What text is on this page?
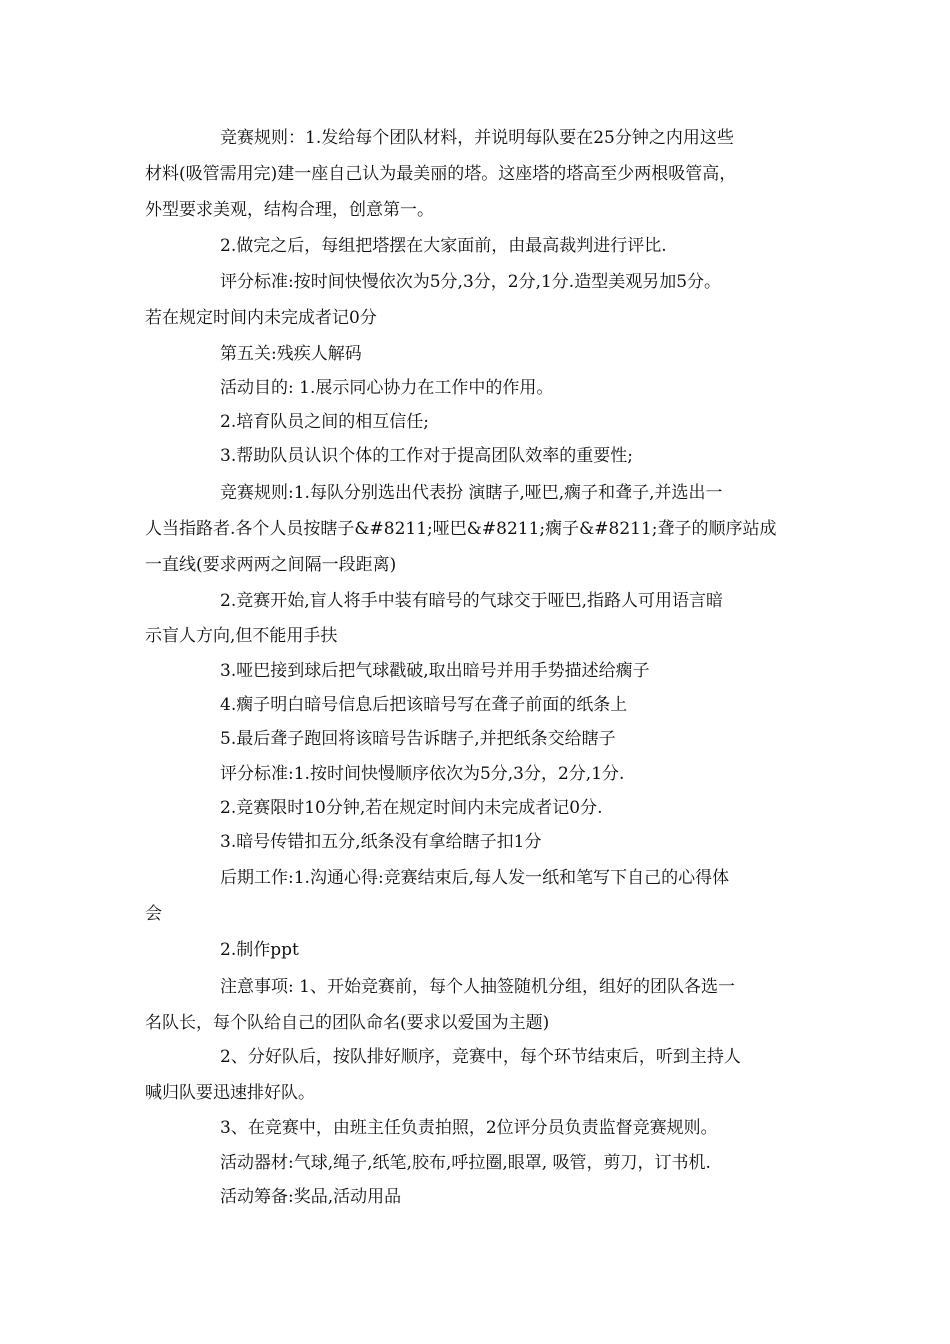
竞赛规则：1.发给每个团队材料，并说明每队要在25分钟之内用这些
材料(吸管需用完)建一座自己认为最美丽的塔。这座塔的塔高至少两根吸管高，
外型要求美观，结构合理，创意第一。
2.做完之后，每组把塔摆在大家面前，由最高裁判进行评比.
评分标准:按时间快慢依次为5分,3分，2分,1分.造型美观另加5分。
若在规定时间内未完成者记0分
第五关:残疾人解码
活动目的: 1.展示同心协力在工作中的作用。
2.培育队员之间的相互信任;
3.帮助队员认识个体的工作对于提高团队效率的重要性;
竞赛规则:1.每队分别选出代表扮 演瞎子,哑巴,瘸子和聋子,并选出一
人当指路者.各个人员按瞎子&#8211;哑巴&#8211;瘸子&#8211;聋子的顺序站成
一直线(要求两两之间隔一段距离)
2.竞赛开始,盲人将手中装有暗号的气球交于哑巴,指路人可用语言暗
示盲人方向,但不能用手扶
3.哑巴接到球后把气球戳破,取出暗号并用手势描述给瘸子
4.瘸子明白暗号信息后把该暗号写在聋子前面的纸条上
5.最后聋子跑回将该暗号告诉瞎子,并把纸条交给瞎子
评分标准:1.按时间快慢顺序依次为5分,3分，2分,1分.
2.竞赛限时10分钟,若在规定时间内未完成者记0分.
3.暗号传错扣五分,纸条没有拿给瞎子扣1分
后期工作:1.沟通心得:竞赛结束后,每人发一纸和笔写下自己的心得体
会
2.制作ppt
注意事项: 1、开始竞赛前，每个人抽签随机分组，组好的团队各选一
名队长，每个队给自己的团队命名(要求以爱国为主题)
2、分好队后，按队排好顺序，竞赛中，每个环节结束后，听到主持人
喊归队要迅速排好队。
3、在竞赛中，由班主任负责拍照，2位评分员负责监督竞赛规则。
活动器材:气球,绳子,纸笔,胶布,呼拉圈,眼罩, 吸管，剪刀，订书机.
活动筹备:奖品,活动用品
